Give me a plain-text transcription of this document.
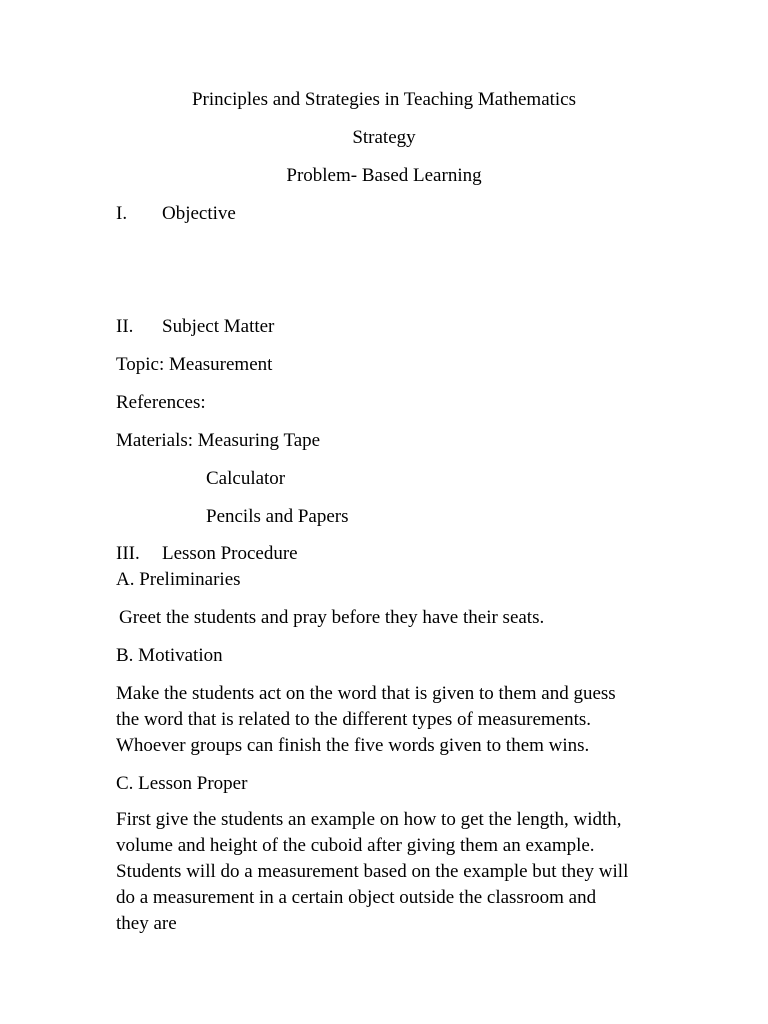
Principles and Strategies in Teaching Mathematics
Strategy
Problem- Based Learning
I. Objective
II. Subject Matter
Topic: Measurement
References:
Materials: Measuring Tape
Calculator
Pencils and Papers
III. Lesson Procedure
A. Preliminaries
Greet the students and pray before they have their seats.
B. Motivation
Make the students act on the word that is given to them and guess
the word that is related to the different types of measurements.
Whoever groups can finish the five words given to them wins.
C. Lesson Proper
First give the students an example on how to get the length, width,
volume and height of the cuboid after giving them an example.
Students will do a measurement based on the example but they will
do a measurement in a certain object outside the classroom and
they are
